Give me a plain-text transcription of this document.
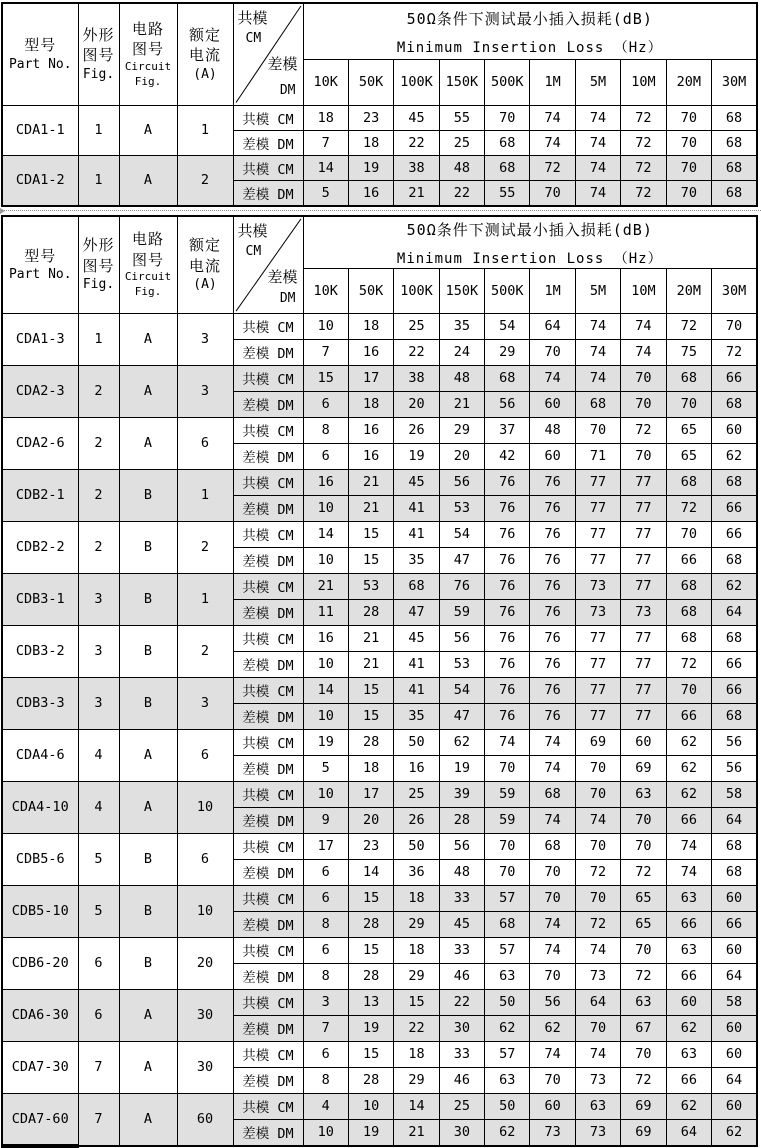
型号
Part No.	外形
图号
Fig.	电路
图号
Circuit
Fig.	额定
电流
(A)	共模
CM
差模
DM	50Ω条件下测试最小插入损耗(dB)
Minimum Insertion Loss （Hz）									

					10K	50K	100K	150K	500K	1M	5M	10M	20M	30M
CDA1-1	1	A	1	共模 CM	18	23	45	55	70	74	74	72	70	68
				差模 DM	7	18	22	25	68	74	74	72	70	68
CDA1-2	1	A	2	共模 CM	14	19	38	48	68	72	74	72	70	68
				差模 DM	5	16	21	22	55	70	74	72	70	68
型号
Part No.	外形
图号
Fig.	电路
图号
Circuit
Fig.	额定
电流
(A)	共模
CM
差模
DM	50Ω条件下测试最小插入损耗(dB)
Minimum Insertion Loss （Hz）									

					10K	50K	100K	150K	500K	1M	5M	10M	20M	30M
CDA1-3	1	A	3	共模 CM	10	18	25	35	54	64	74	74	72	70
				差模 DM	7	16	22	24	29	70	74	74	75	72
CDA2-3	2	A	3	共模 CM	15	17	38	48	68	74	74	70	68	66
				差模 DM	6	18	20	21	56	60	68	70	70	68
CDA2-6	2	A	6	共模 CM	8	16	26	29	37	48	70	72	65	60
				差模 DM	6	16	19	20	42	60	71	70	65	62
CDB2-1	2	B	1	共模 CM	16	21	45	56	76	76	77	77	68	68
				差模 DM	10	21	41	53	76	76	77	77	72	66
CDB2-2	2	B	2	共模 CM	14	15	41	54	76	76	77	77	70	66
				差模 DM	10	15	35	47	76	76	77	77	66	68
CDB3-1	3	B	1	共模 CM	21	53	68	76	76	76	73	77	68	62
				差模 DM	11	28	47	59	76	76	73	73	68	64
CDB3-2	3	B	2	共模 CM	16	21	45	56	76	76	77	77	68	68
				差模 DM	10	21	41	53	76	76	77	77	72	66
CDB3-3	3	B	3	共模 CM	14	15	41	54	76	76	77	77	70	66
				差模 DM	10	15	35	47	76	76	77	77	66	68
CDA4-6	4	A	6	共模 CM	19	28	50	62	74	74	69	60	62	56
				差模 DM	5	18	16	19	70	74	70	69	62	56
CDA4-10	4	A	10	共模 CM	10	17	25	39	59	68	70	63	62	58
				差模 DM	9	20	26	28	59	74	74	70	66	64
CDB5-6	5	B	6	共模 CM	17	23	50	56	70	68	70	70	74	68
				差模 DM	6	14	36	48	70	70	72	72	74	68
CDB5-10	5	B	10	共模 CM	6	15	18	33	57	70	70	65	63	60
				差模 DM	8	28	29	45	68	74	72	65	66	66
CDB6-20	6	B	20	共模 CM	6	15	18	33	57	74	74	70	63	60
				差模 DM	8	28	29	46	63	70	73	72	66	64
CDA6-30	6	A	30	共模 CM	3	13	15	22	50	56	64	63	60	58
				差模 DM	7	19	22	30	62	62	70	67	62	60
CDA7-30	7	A	30	共模 CM	6	15	18	33	57	74	74	70	63	60
				差模 DM	8	28	29	46	63	70	73	72	66	64
CDA7-60	7	A	60	共模 CM	4	10	14	25	50	60	63	69	62	60
				差模 DM	10	19	21	30	62	73	73	69	64	62
